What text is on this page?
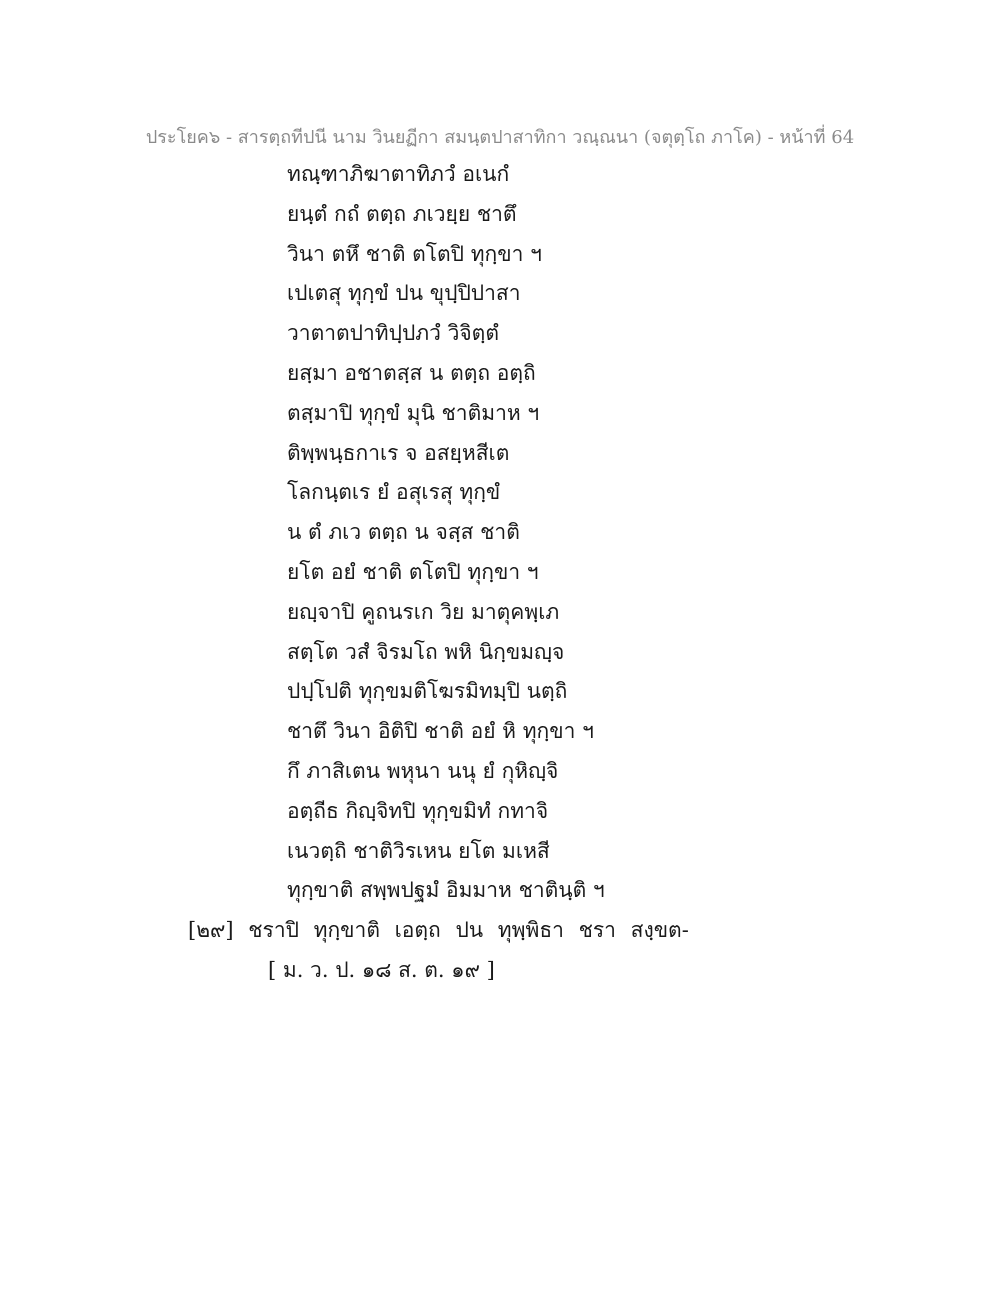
ประโยค๖ - สารตฺถทีปนี นาม วินยฏีกา สมนฺตปาสาทิกา วณฺณนา (จตุตฺโถ ภาโค) - หน้าที่ 64
ทณฺฑาภิฆาตาทิภวํ อเนกํ
ยนฺตํ กถํ ตตฺถ ภเวยฺย ชาตึ
วินา ตหึ ชาติ ตโตปิ ทุกฺขา ฯ
เปเตสุ ทุกฺขํ ปน ขุปฺปิปาสา
วาตาตปาทิปฺปภวํ วิจิตฺตํ
ยสฺมา อชาตสฺส น ตตฺถ อตฺถิ
ตสฺมาปิ ทุกฺขํ มุนิ ชาติมาห ฯ
ติพฺพนฺธกาเร จ อสยฺหสีเต
โลกนฺตเร ยํ อสุเรสุ ทุกฺขํ
น ตํ ภเว ตตฺถ น จสฺส ชาติ
ยโต อยํ ชาติ ตโตปิ ทุกฺขา ฯ
ยญฺจาปิ คูถนรเก วิย มาตุคพฺเภ
สตฺโต วสํ จิรมโถ พหิ นิกฺขมญฺจ
ปปฺโปติ ทุกฺขมติโฆรมิทมฺปิ นตฺถิ
ชาตึ วินา อิติปิ ชาติ อยํ หิ ทุกฺขา ฯ
กึ ภาสิเตน พหุนา นนุ ยํ กุหิญฺจิ
อตฺถีธ กิญฺจิทปิ ทุกฺขมิทํ กทาจิ
เนวตฺถิ ชาติวิรเหน ยโต มเหสี
ทุกฺขาติ สพฺพปฐมํ อิมมาห ชาตินฺติ ฯ
[๒๙] ชราปิ ทุกฺขาติ เอตฺถ ปน ทุพฺพิธา ชรา สงฺขต-
[ ม. ว. ป. ๑๘ ส. ต. ๑๙ ]
